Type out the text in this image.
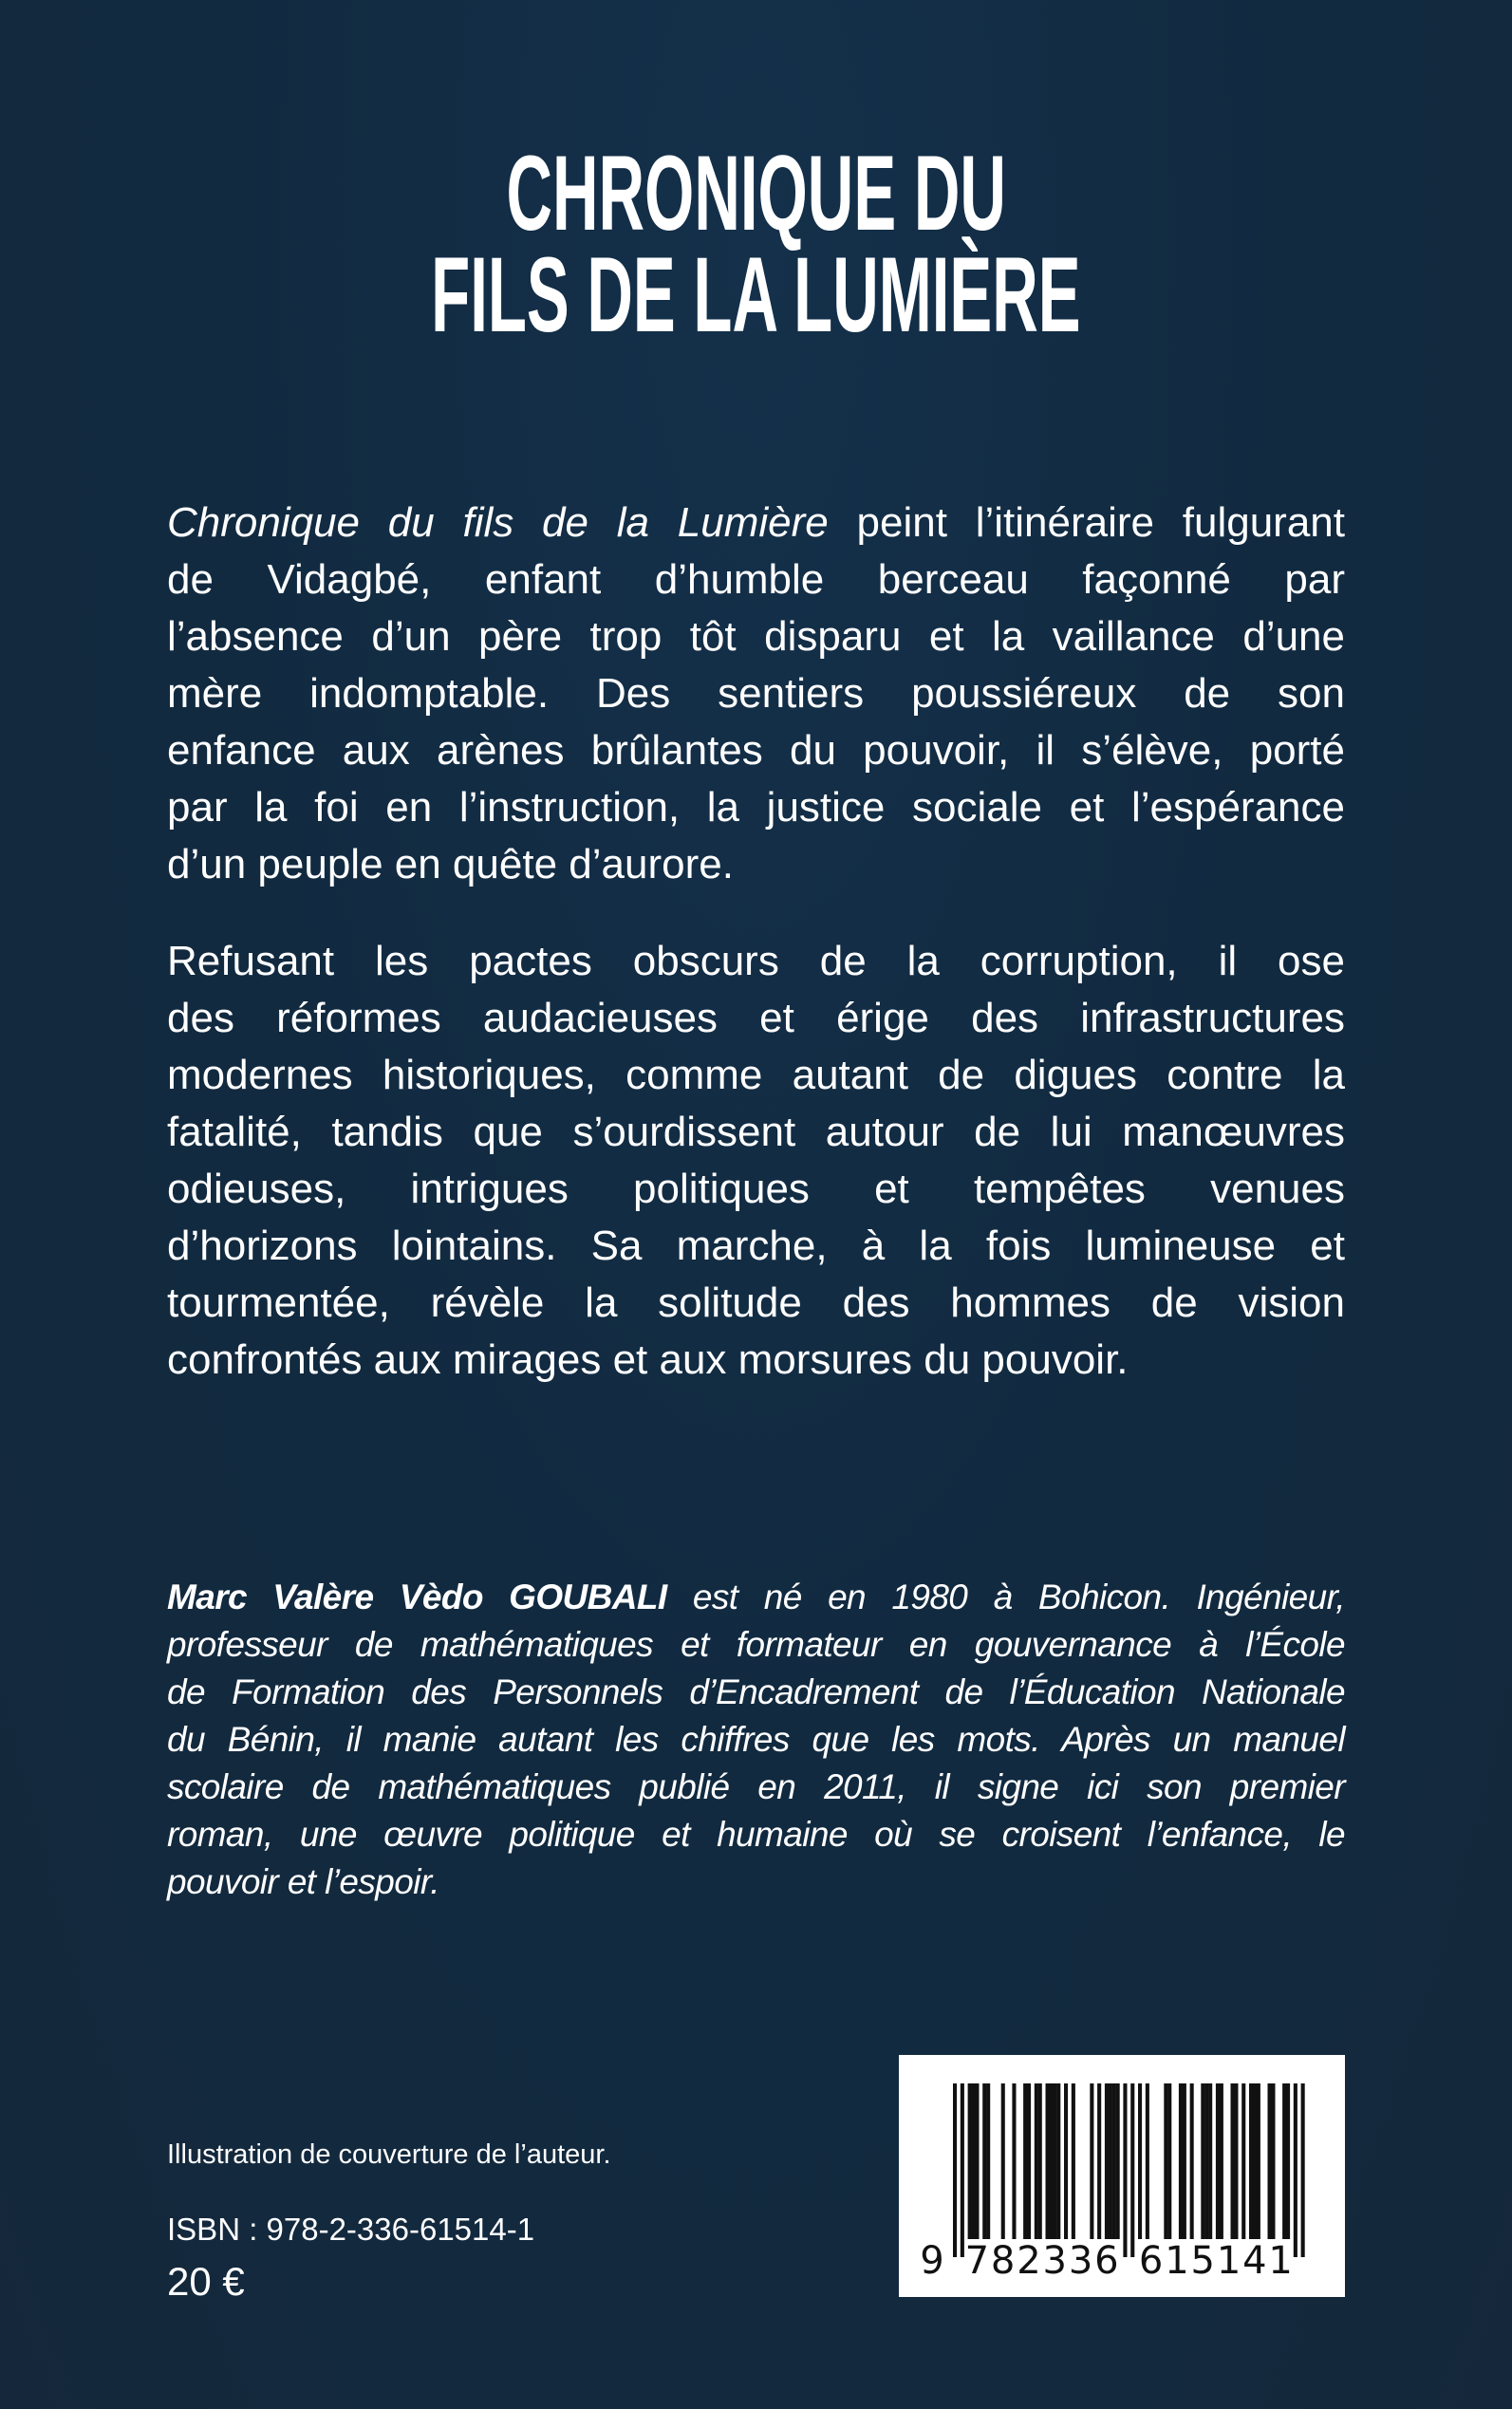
CHRONIQUE DU
FILS DE LA LUMIÈRE
Chronique du fils de la Lumière peint l’itinéraire fulgurant
de Vidagbé, enfant d’humble berceau façonné par
l’absence d’un père trop tôt disparu et la vaillance d’une
mère indomptable. Des sentiers poussiéreux de son
enfance aux arènes brûlantes du pouvoir, il s’élève, porté
par la foi en l’instruction, la justice sociale et l’espérance
d’un peuple en quête d’aurore.
Refusant les pactes obscurs de la corruption, il ose
des réformes audacieuses et érige des infrastructures
modernes historiques, comme autant de digues contre la
fatalité, tandis que s’ourdissent autour de lui manœuvres
odieuses, intrigues politiques et tempêtes venues
d’horizons lointains. Sa marche, à la fois lumineuse et
tourmentée, révèle la solitude des hommes de vision
confrontés aux mirages et aux morsures du pouvoir.
Marc Valère Vèdo GOUBALI est né en 1980 à Bohicon. Ingénieur,
professeur de mathématiques et formateur en gouvernance à l’École
de Formation des Personnels d’Encadrement de l’Éducation Nationale
du Bénin, il manie autant les chiffres que les mots. Après un manuel
scolaire de mathématiques publié en 2011, il signe ici son premier
roman, une œuvre politique et humaine où se croisent l’enfance, le
pouvoir et l’espoir.
Illustration de couverture de l’auteur.
ISBN : 978-2-336-61514-1
20 €	9 7 8 2 3 3 6 6 1 5 1 4 1
